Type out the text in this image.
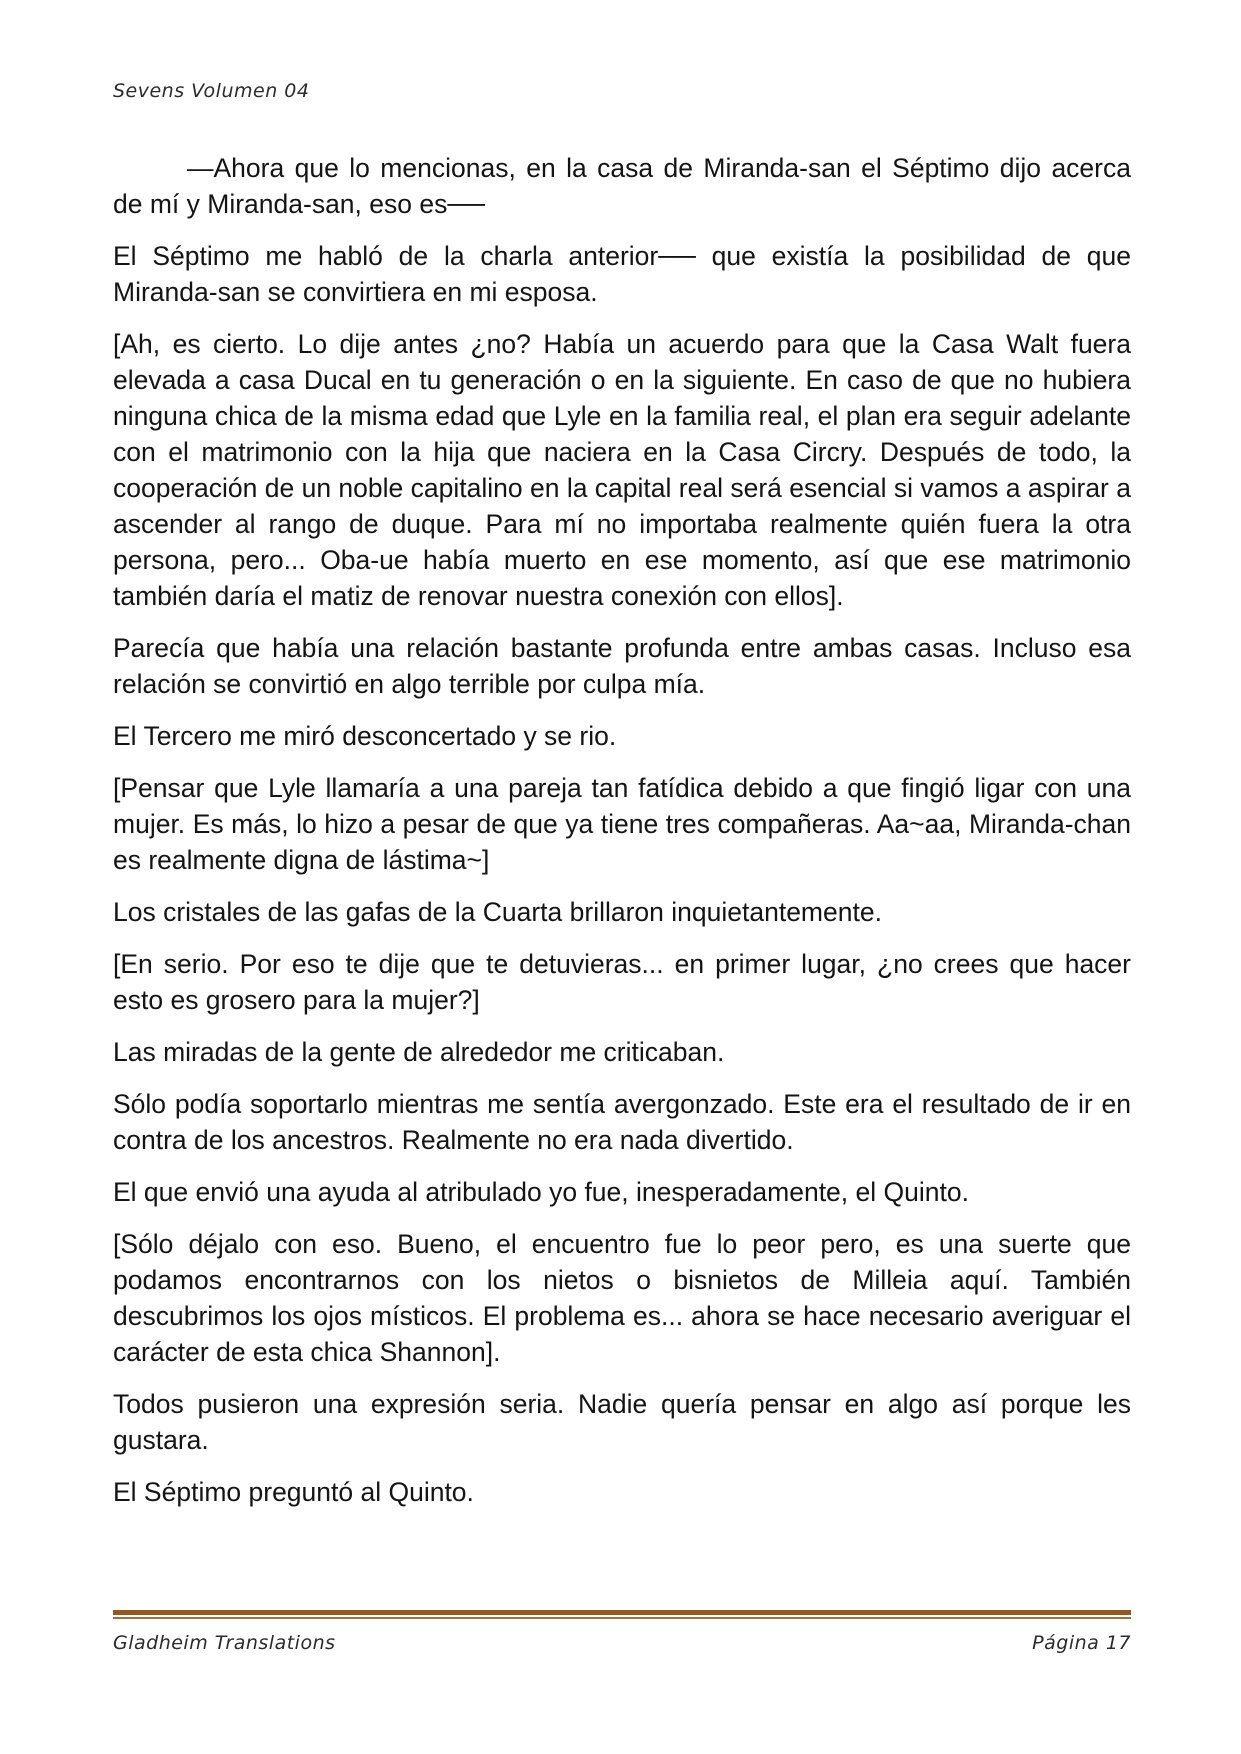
Sevens Volumen 04

—Ahora que lo mencionas, en la casa de Miranda-san el Séptimo dijo acerca de mí y Miranda-san, eso es──

El Séptimo me habló de la charla anterior── que existía la posibilidad de que Miranda-san se convirtiera en mi esposa.

[Ah, es cierto. Lo dije antes ¿no? Había un acuerdo para que la Casa Walt fuera elevada a casa Ducal en tu generación o en la siguiente. En caso de que no hubiera ninguna chica de la misma edad que Lyle en la familia real, el plan era seguir adelante con el matrimonio con la hija que naciera en la Casa Circry. Después de todo, la cooperación de un noble capitalino en la capital real será esencial si vamos a aspirar a ascender al rango de duque. Para mí no importaba realmente quién fuera la otra persona, pero... Oba-ue había muerto en ese momento, así que ese matrimonio también daría el matiz de renovar nuestra conexión con ellos].

Parecía que había una relación bastante profunda entre ambas casas. Incluso esa relación se convirtió en algo terrible por culpa mía.

El Tercero me miró desconcertado y se rio.

[Pensar que Lyle llamaría a una pareja tan fatídica debido a que fingió ligar con una mujer. Es más, lo hizo a pesar de que ya tiene tres compañeras. Aa~aa, Miranda-chan es realmente digna de lástima~]

Los cristales de las gafas de la Cuarta brillaron inquietantemente.

[En serio. Por eso te dije que te detuvieras... en primer lugar, ¿no crees que hacer esto es grosero para la mujer?]

Las miradas de la gente de alrededor me criticaban.

Sólo podía soportarlo mientras me sentía avergonzado. Este era el resultado de ir en contra de los ancestros. Realmente no era nada divertido.

El que envió una ayuda al atribulado yo fue, inesperadamente, el Quinto.

[Sólo déjalo con eso. Bueno, el encuentro fue lo peor pero, es una suerte que podamos encontrarnos con los nietos o bisnietos de Milleia aquí. También descubrimos los ojos místicos. El problema es... ahora se hace necesario averiguar el carácter de esta chica Shannon].

Todos pusieron una expresión seria. Nadie quería pensar en algo así porque les gustara.

El Séptimo preguntó al Quinto.

Gladheim Translations	Página 17
